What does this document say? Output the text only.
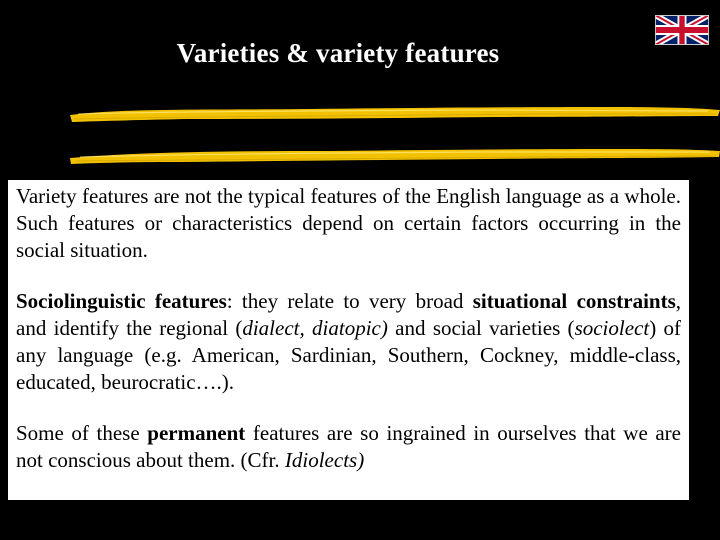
Varieties & variety features

Variety features are not the typical features of the English language as a whole. Such features or characteristics depend on certain factors occurring in the social situation.

Sociolinguistic features: they relate to very broad situational constraints, and identify the regional (dialect, diatopic) and social varieties (sociolect) of any language (e.g. American, Sardinian, Southern, Cockney, middle-class, educated, beurocratic….).

Some of these permanent features are so ingrained in ourselves that we are not conscious about them. (Cfr. Idiolects)
